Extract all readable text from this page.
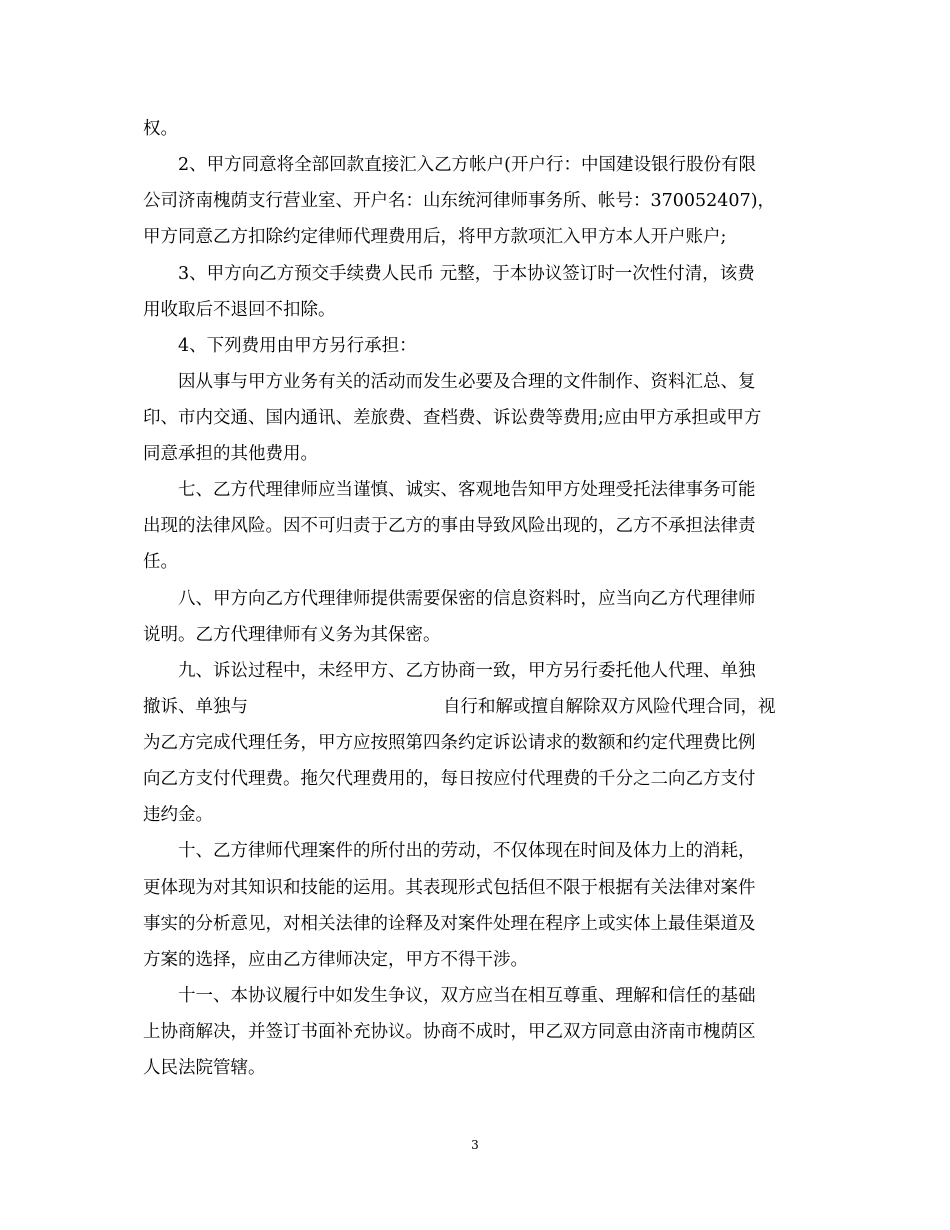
权。
2、甲方同意将全部回款直接汇入乙方帐户(开户行：中国建设银行股份有限
公司济南槐荫支行营业室、开户名：山东统河律师事务所、帐号：370052407)，
甲方同意乙方扣除约定律师代理费用后，将甲方款项汇入甲方本人开户账户;
3、甲方向乙方预交手续费人民币 元整，于本协议签订时一次性付清，该费
用收取后不退回不扣除。
4、下列费用由甲方另行承担：
因从事与甲方业务有关的活动而发生必要及合理的文件制作、资料汇总、复
印、市内交通、国内通讯、差旅费、查档费、诉讼费等费用;应由甲方承担或甲方
同意承担的其他费用。
七、乙方代理律师应当谨慎、诚实、客观地告知甲方处理受托法律事务可能
出现的法律风险。因不可归责于乙方的事由导致风险出现的，乙方不承担法律责
任。
八、甲方向乙方代理律师提供需要保密的信息资料时，应当向乙方代理律师
说明。乙方代理律师有义务为其保密。
九、诉讼过程中，未经甲方、乙方协商一致，甲方另行委托他人代理、单独
撤诉、单独与	自行和解或擅自解除双方风险代理合同，视
为乙方完成代理任务，甲方应按照第四条约定诉讼请求的数额和约定代理费比例
向乙方支付代理费。拖欠代理费用的，每日按应付代理费的千分之二向乙方支付
违约金。
十、乙方律师代理案件的所付出的劳动，不仅体现在时间及体力上的消耗，
更体现为对其知识和技能的运用。其表现形式包括但不限于根据有关法律对案件
事实的分析意见，对相关法律的诠释及对案件处理在程序上或实体上最佳渠道及
方案的选择，应由乙方律师决定，甲方不得干涉。
十一、本协议履行中如发生争议，双方应当在相互尊重、理解和信任的基础
上协商解决，并签订书面补充协议。协商不成时，甲乙双方同意由济南市槐荫区
人民法院管辖。
3
